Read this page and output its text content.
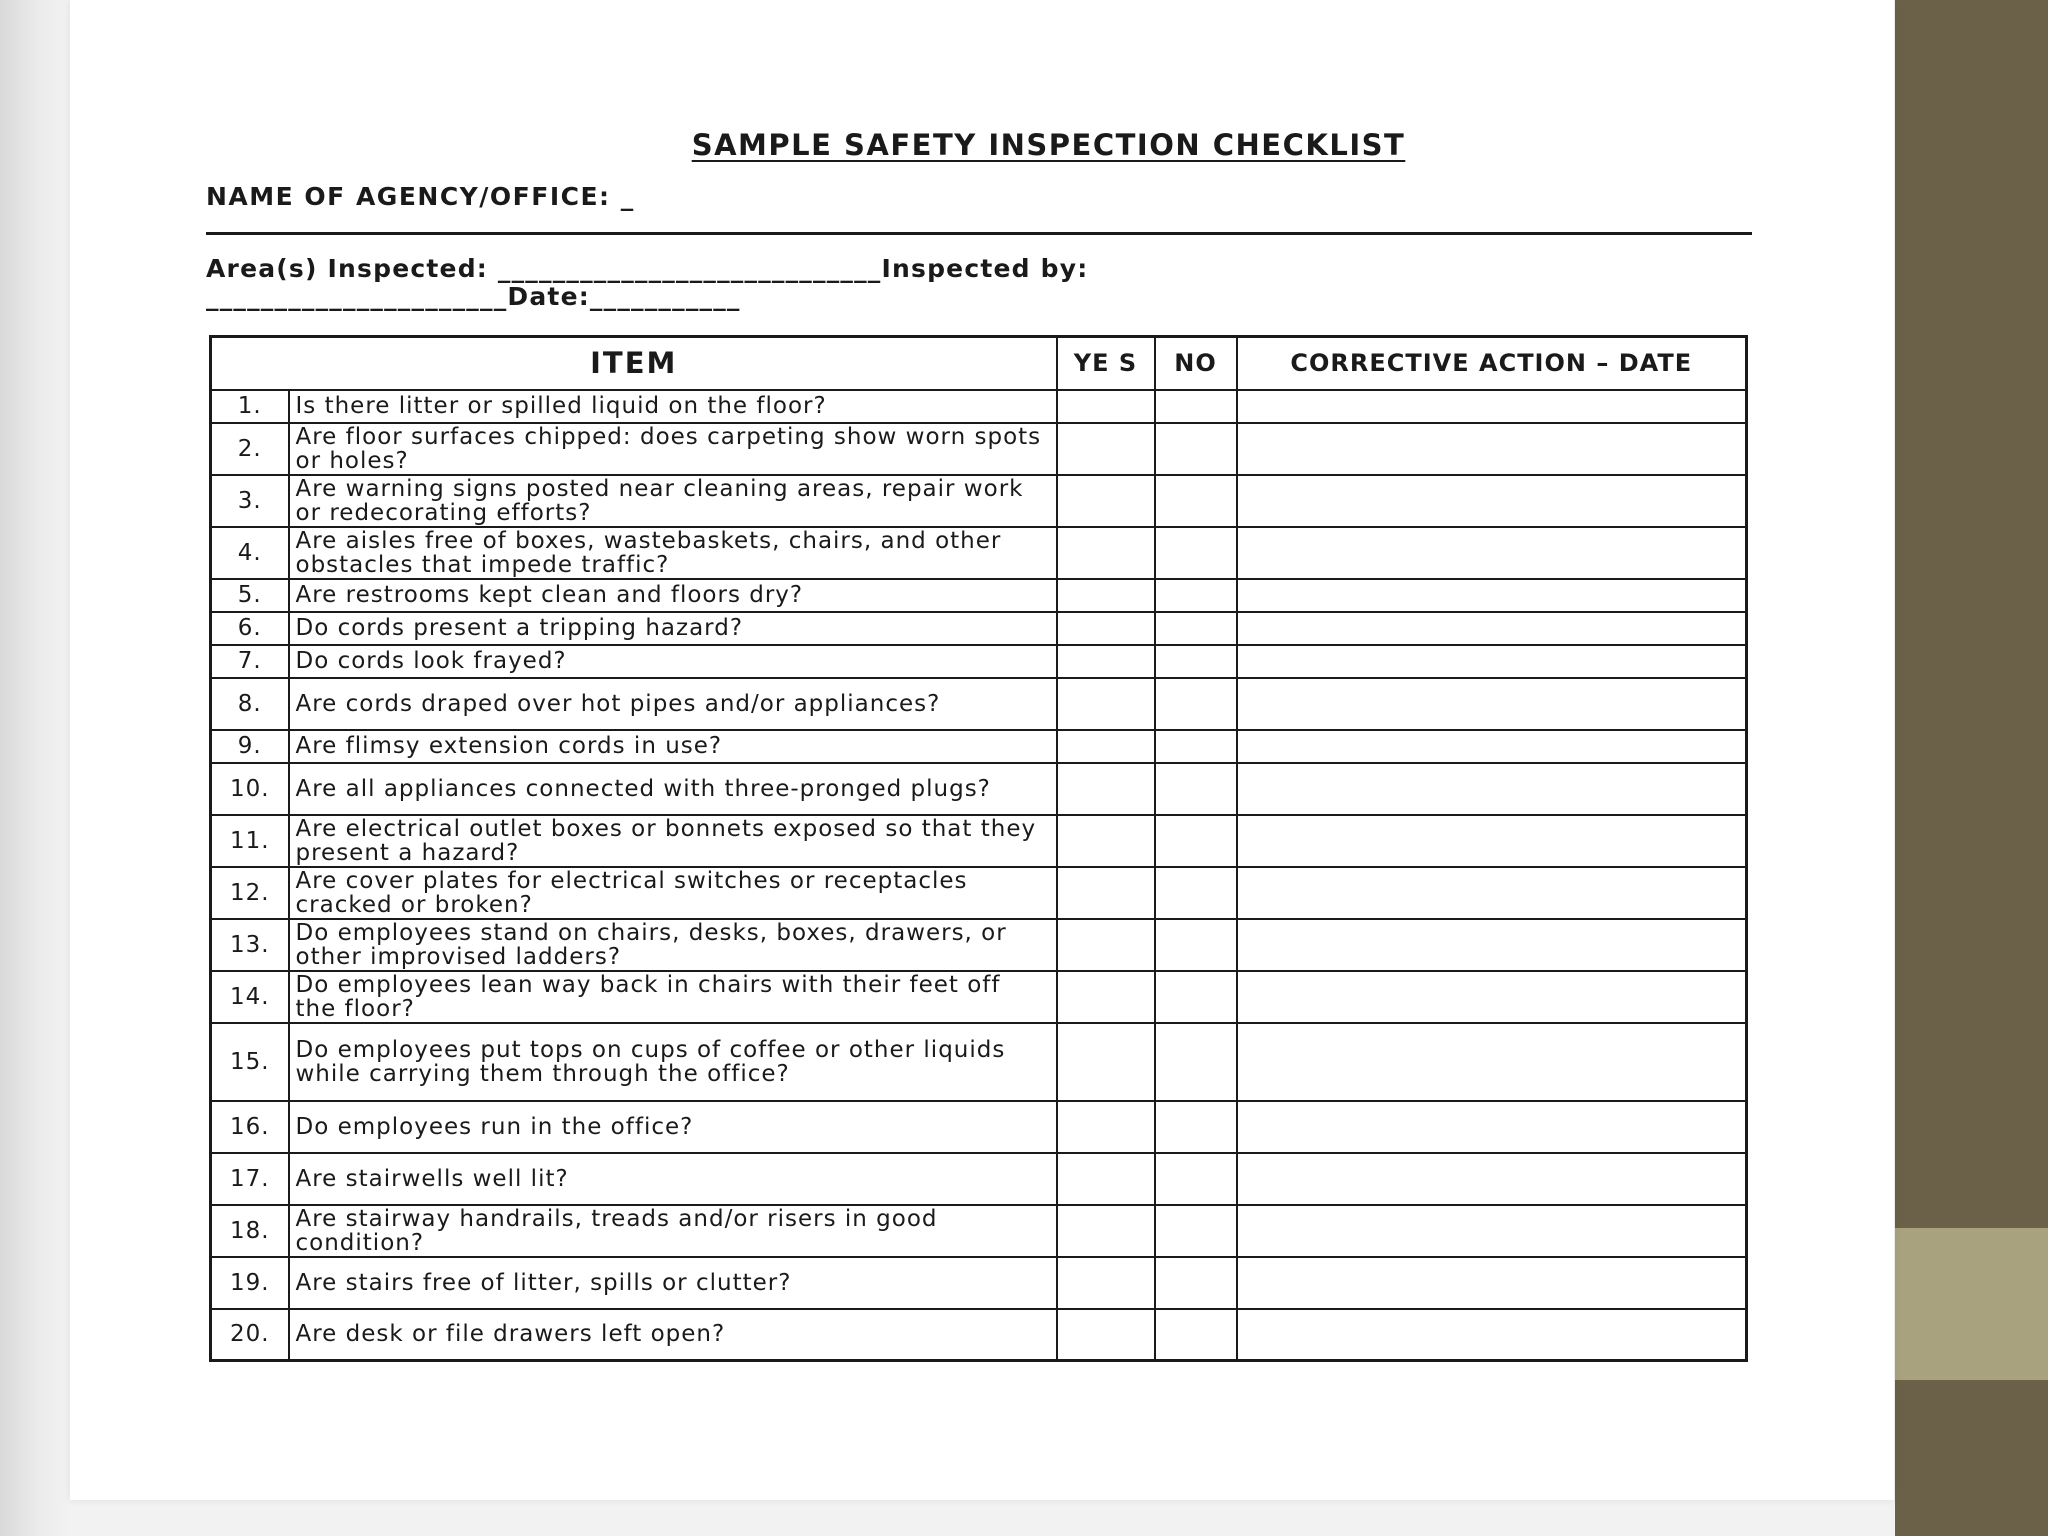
SAMPLE SAFETY INSPECTION CHECKLIST
NAME OF AGENCY/OFFICE: _
Area(s) Inspected: ____________________________Inspected by:
______________________Date:___________
ITEM		YE S	NO	CORRECTIVE ACTION – DATE
1.	Is there litter or spilled liquid on the floor?			
2.	Are floor surfaces chipped: does carpeting show worn spots or holes?			
3.	Are warning signs posted near cleaning areas, repair work or redecorating efforts?			
4.	Are aisles free of boxes, wastebaskets, chairs, and other obstacles that impede traffic?			
5.	Are restrooms kept clean and floors dry?			
6.	Do cords present a tripping hazard?			
7.	Do cords look frayed?			
8.	Are cords draped over hot pipes and/or appliances?			
9.	Are flimsy extension cords in use?			
10.	Are all appliances connected with three-pronged plugs?			
11.	Are electrical outlet boxes or bonnets exposed so that they present a hazard?			
12.	Are cover plates for electrical switches or receptacles cracked or broken?			
13.	Do employees stand on chairs, desks, boxes, drawers, or other improvised ladders?			
14.	Do employees lean way back in chairs with their feet off the floor?			
15.	Do employees put tops on cups of coffee or other liquids while carrying them through the office?			
16.	Do employees run in the office?			
17.	Are stairwells well lit?			
18.	Are stairway handrails, treads and/or risers in good condition?			
19.	Are stairs free of litter, spills or clutter?			
20.	Are desk or file drawers left open?			
